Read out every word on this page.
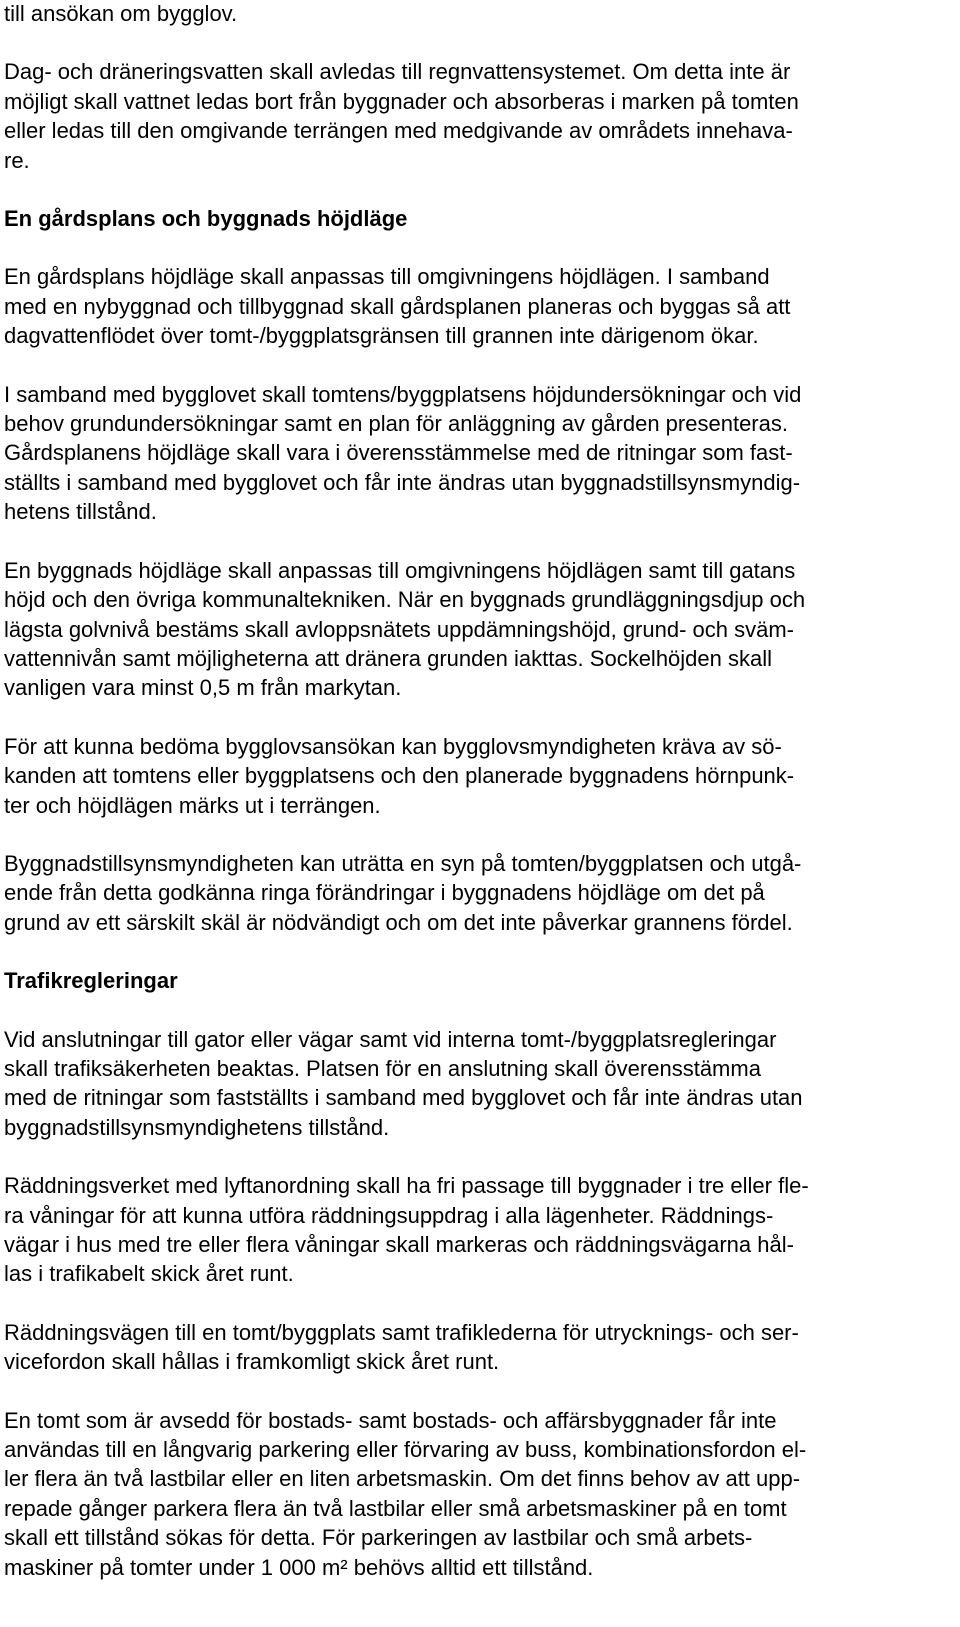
till ansökan om bygglov.

Dag- och dräneringsvatten skall avledas till regnvattensystemet. Om detta inte är
möjligt skall vattnet ledas bort från byggnader och absorberas i marken på tomten
eller ledas till den omgivande terrängen med medgivande av områdets innehava-
re.

En gårdsplans och byggnads höjdläge

En gårdsplans höjdläge skall anpassas till omgivningens höjdlägen. I samband
med en nybyggnad och tillbyggnad skall gårdsplanen planeras och byggas så att
dagvattenflödet över tomt-/byggplatsgränsen till grannen inte därigenom ökar.

I samband med bygglovet skall tomtens/byggplatsens höjdundersökningar och vid
behov grundundersökningar samt en plan för anläggning av gården presenteras.
Gårdsplanens höjdläge skall vara i överensstämmelse med de ritningar som fast-
ställts i samband med bygglovet och får inte ändras utan byggnadstillsynsmyndig-
hetens tillstånd.

En byggnads höjdläge skall anpassas till omgivningens höjdlägen samt till gatans
höjd och den övriga kommunaltekniken. När en byggnads grundläggningsdjup och
lägsta golvnivå bestäms skall avloppsnätets uppdämningshöjd, grund- och sväm-
vattennivån samt möjligheterna att dränera grunden iakttas. Sockelhöjden skall
vanligen vara minst 0,5 m från markytan.

För att kunna bedöma bygglovsansökan kan bygglovsmyndigheten kräva av sö-
kanden att tomtens eller byggplatsens och den planerade byggnadens hörnpunk-
ter och höjdlägen märks ut i terrängen.

Byggnadstillsynsmyndigheten kan uträtta en syn på tomten/byggplatsen och utgå-
ende från detta godkänna ringa förändringar i byggnadens höjdläge om det på
grund av ett särskilt skäl är nödvändigt och om det inte påverkar grannens fördel.

Trafikregleringar

Vid anslutningar till gator eller vägar samt vid interna tomt-/byggplatsregleringar
skall trafiksäkerheten beaktas. Platsen för en anslutning skall överensstämma
med de ritningar som fastställts i samband med bygglovet och får inte ändras utan
byggnadstillsynsmyndighetens tillstånd.

Räddningsverket med lyftanordning skall ha fri passage till byggnader i tre eller fle-
ra våningar för att kunna utföra räddningsuppdrag i alla lägenheter. Räddnings-
vägar i hus med tre eller flera våningar skall markeras och räddningsvägarna hål-
las i trafikabelt skick året runt.

Räddningsvägen till en tomt/byggplats samt trafiklederna för utrycknings- och ser-
vicefordon skall hållas i framkomligt skick året runt.

En tomt som är avsedd för bostads- samt bostads- och affärsbyggnader får inte
användas till en långvarig parkering eller förvaring av buss, kombinationsfordon el-
ler flera än två lastbilar eller en liten arbetsmaskin. Om det finns behov av att upp-
repade gånger parkera flera än två lastbilar eller små arbetsmaskiner på en tomt
skall ett tillstånd sökas för detta. För parkeringen av lastbilar och små arbets-
maskiner på tomter under 1 000 m² behövs alltid ett tillstånd.
